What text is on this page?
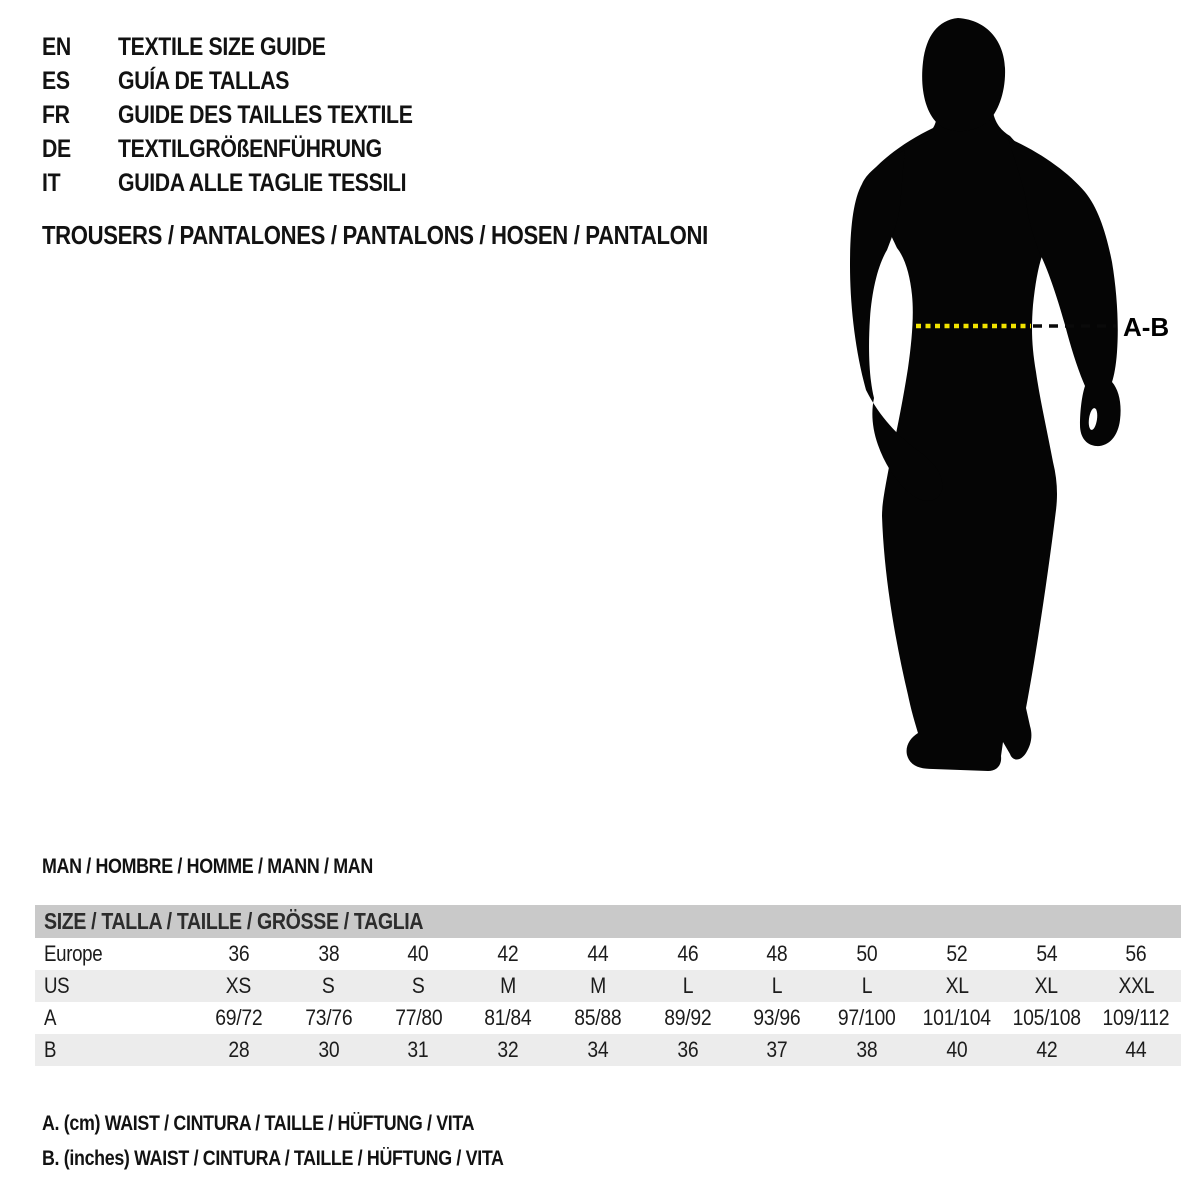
EN	TEXTILE SIZE GUIDE
ES	GUÍA DE TALLAS
FR	GUIDE DES TAILLES TEXTILE
DE	TEXTILGRÖßENFÜHRUNG
IT	GUIDA ALLE TAGLIE TESSILI
TROUSERS / PANTALONES / PANTALONS / HOSEN / PANTALONI
A-B
MAN / HOMBRE / HOMME / MANN / MAN
SIZE / TALLA / TAILLE / GRÖSSE / TAGLIA
Europe	36	38	40	42	44	46	48	50	52	54	56
US	XS	S	S	M	M	L	L	L	XL	XL	XXL
A	69/72	73/76	77/80	81/84	85/88	89/92	93/96	97/100	101/104 105/108	109/112
B	28	30	31	32	34	36	37	38	40	42	44
A. (cm) WAIST / CINTURA / TAILLE / HÜFTUNG / VITA
B. (inches) WAIST / CINTURA / TAILLE / HÜFTUNG / VITA
